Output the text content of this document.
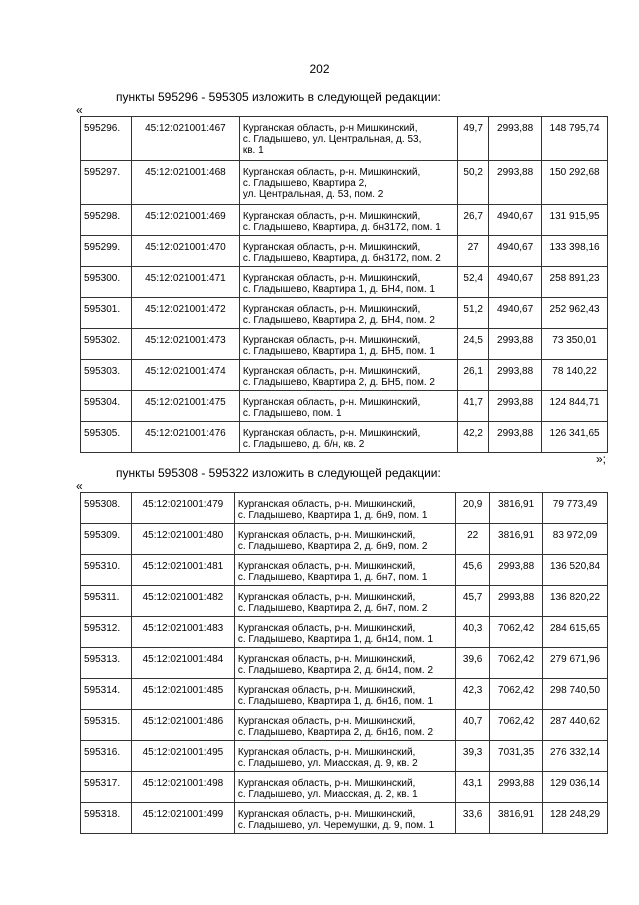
202
пункты 595296 - 595305 изложить в следующей редакции:
«
595296.	45:12:021001:467	Курганская область, р-н Мишкинский,
с. Гладышево, ул. Центральная, д. 53,
кв. 1	49,7	2993,88	148 795,74
595297.	45:12:021001:468	Курганская область, р-н. Мишкинский,
с. Гладышево, Квартира 2,
ул. Центральная, д. 53, пом. 2	50,2	2993,88	150 292,68
595298.	45:12:021001:469	Курганская область, р-н. Мишкинский,
с. Гладышево, Квартира, д. бн3172, пом. 1	26,7	4940,67	131 915,95
595299.	45:12:021001:470	Курганская область, р-н. Мишкинский,
с. Гладышево, Квартира, д. бн3172, пом. 2	27	4940,67	133 398,16
595300.	45:12:021001:471	Курганская область, р-н. Мишкинский,
с. Гладышево, Квартира 1, д. БН4, пом. 1	52,4	4940,67	258 891,23
595301.	45:12:021001:472	Курганская область, р-н. Мишкинский,
с. Гладышево, Квартира 2, д. БН4, пом. 2	51,2	4940,67	252 962,43
595302.	45:12:021001:473	Курганская область, р-н. Мишкинский,
с. Гладышево, Квартира 1, д. БН5, пом. 1	24,5	2993,88	73 350,01
595303.	45:12:021001:474	Курганская область, р-н. Мишкинский,
с. Гладышево, Квартира 2, д. БН5, пом. 2	26,1	2993,88	78 140,22
595304.	45:12:021001:475	Курганская область, р-н. Мишкинский,
с. Гладышево, пом. 1	41,7	2993,88	124 844,71
595305.	45:12:021001:476	Курганская область, р-н. Мишкинский,
с. Гладышево, д. б/н, кв. 2	42,2	2993,88	126 341,65
»;
пункты 595308 - 595322 изложить в следующей редакции:
«
595308.	45:12:021001:479	Курганская область, р-н. Мишкинский,
с. Гладышево, Квартира 1, д. бн9, пом. 1	20,9	3816,91	79 773,49
595309.	45:12:021001:480	Курганская область, р-н. Мишкинский,
с. Гладышево, Квартира 2, д. бн9, пом. 2	22	3816,91	83 972,09
595310.	45:12:021001:481	Курганская область, р-н. Мишкинский,
с. Гладышево, Квартира 1, д. бн7, пом. 1	45,6	2993,88	136 520,84
595311.	45:12:021001:482	Курганская область, р-н. Мишкинский,
с. Гладышево, Квартира 2, д. бн7, пом. 2	45,7	2993,88	136 820,22
595312.	45:12:021001:483	Курганская область, р-н. Мишкинский,
с. Гладышево, Квартира 1, д. бн14, пом. 1	40,3	7062,42	284 615,65
595313.	45:12:021001:484	Курганская область, р-н. Мишкинский,
с. Гладышево, Квартира 2, д. бн14, пом. 2	39,6	7062,42	279 671,96
595314.	45:12:021001:485	Курганская область, р-н. Мишкинский,
с. Гладышево, Квартира 1, д. бн16, пом. 1	42,3	7062,42	298 740,50
595315.	45:12:021001:486	Курганская область, р-н. Мишкинский,
с. Гладышево, Квартира 2, д. бн16, пом. 2	40,7	7062,42	287 440,62
595316.	45:12:021001:495	Курганская область, р-н. Мишкинский,
с. Гладышево, ул. Миасская, д. 9, кв. 2	39,3	7031,35	276 332,14
595317.	45:12:021001:498	Курганская область, р-н. Мишкинский,
с. Гладышево, ул. Миасская, д. 2, кв. 1	43,1	2993,88	129 036,14
595318.	45:12:021001:499	Курганская область, р-н. Мишкинский,
с. Гладышево, ул. Черемушки, д. 9, пом. 1	33,6	3816,91	128 248,29
